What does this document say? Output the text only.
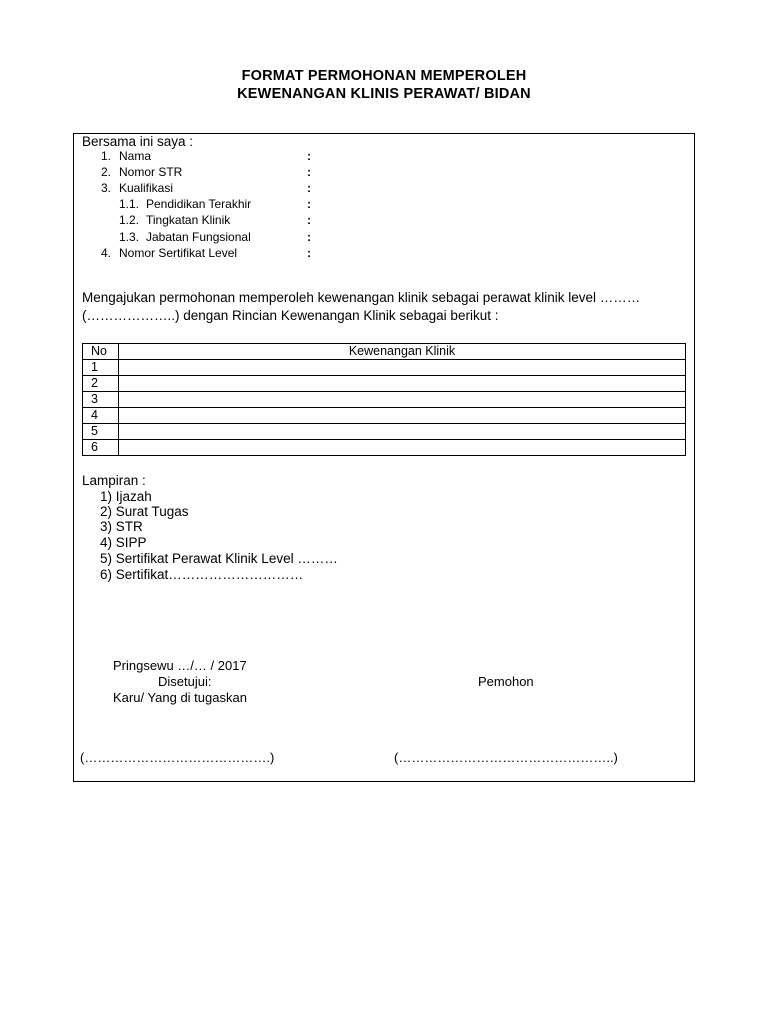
FORMAT PERMOHONAN MEMPEROLEH
KEWENANGAN KLINIS PERAWAT/ BIDAN
Bersama ini saya :
1. Nama	:
2. Nomor STR	:
3. Kualifikasi	:
1.1. Pendidikan Terakhir	:
1.2. Tingkatan Klinik	:
1.3. Jabatan Fungsional	:
4. Nomor Sertifikat Level	:
Mengajukan permohonan memperoleh kewenangan klinik sebagai perawat klinik level ………
(………………..) dengan Rincian Kewenangan Klinik sebagai berikut :
No	Kewenangan Klinik
1	
2	
3	
4	
5	
6	
Lampiran :
1) Ijazah
2) Surat Tugas
3) STR
4) SIPP
5) Sertifikat Perawat Klinik Level ………
6) Sertifikat…………………………
Pringsewu …/… / 2017
Disetujui:	Pemohon
Karu/ Yang di tugaskan
(…………………………………….)	(…………………………………………..)
